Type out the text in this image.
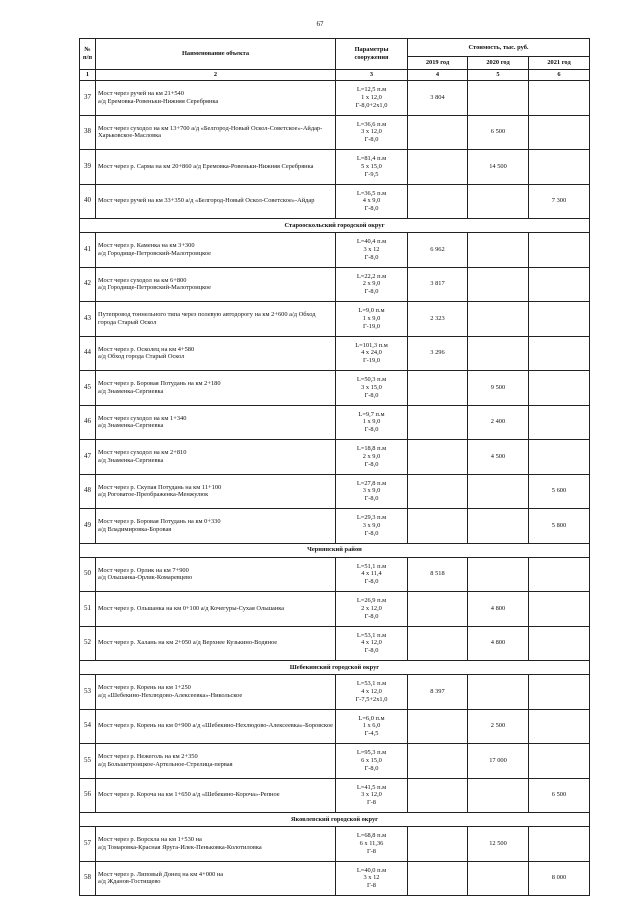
67
№ п/п	Наименование объекта	Параметры сооружения	Стоимость, тыс. руб.		
			2019 год	2020 год	2021 год
1	2	3	4	5	6
37	Мост через ручей на км 21+540
а/д Еремовка-Ровеньки-Нижняя Серебрянка	L=12,5 п.м
1 х 12,0
Г-8,0+2х1,0	3 804		
38	Мост через суходол на км 13+700 а/д «Белгород-Новый Оскол-Советское»-Айдар-Харьковское-Масловка	L=36,6 п.м
3 х 12,0
Г-8,0		6 500	
39	Мост через р. Сарма на км 20+860 а/д Еремовка-Ровеньки-Нижняя Серебрянка	L=81,4 п.м
5 х 15,0
Г-9,5		14 500	
40	Мост через ручей на км 33+350 а/д «Белгород-Новый Оскол-Советское»-Айдар	L=36,5 п.м
4 х 9,0
Г-8,0			7 300
Старооскольский городской округ					
41	Мост через р. Каменка на км 3+300
а/д Городище-Петровский-Малотроицкое	L=40,4 п.м
3 х 12
Г-8,0	6 962		
42	Мост через суходол на км 6+800
а/д Городище-Петровский-Малотроицкое	L=22,2 п.м
2 х 9,0
Г-8,0	3 817		
43	Путепровод тоннельного типа через полевую автодорогу на км 2+600 а/д Обход города Старый Оскол	L=9,0 п.м
1 х 9,0
Г-19,0	2 323		
44	Мост через р. Осколец на км 4+580
а/д Обход города Старый Оскол	L=101,3 п.м
4 х 24,0
Г-19,0	3 296		
45	Мост через р. Боровая Потудань на км 2+180
а/д Знаменка-Сергиевка	L=50,3 п.м
3 х 15,0
Г-8,0		9 500	
46	Мост через суходол на км 1+340
а/д Знаменка-Сергиевка	L=9,7 п.м
1 х 9,0
Г-8,0		2 400	
47	Мост через суходол на км 2+810
а/д Знаменка-Сергиевка	L=18,8 п.м
2 х 9,0
Г-8,0		4 500	
48	Мост через р. Скупая Потудань на км 11+100
а/д Роговатое-Преображенка-Менжулюк	L=27,8 п.м
3 х 9,0
Г-8,0			5 600
49	Мост через р. Боровая Потудань на км 0+330
а/д Владимировка-Боровая	L=29,3 п.м
3 х 9,0
Г-8,0			5 800
Чернянский район					
50	Мост через р. Орлик на км 7+900
а/д Ольшанка-Орлик-Комаревцево	L=51,1 п.м
4 х 11,4
Г-8,0	8 518		
51	Мост через р. Ольшанка на км 0+100 а/д Кочегуры-Сухая Ольшанка	L=26,9 п.м
2 х 12,0
Г-8,0		4 800	
52	Мост через р. Халань на км 2+050 а/д Верхнее Кузькино-Водяное	L=53,1 п.м
4 х 12,0
Г-8,0		4 800	
Шебекинский городской округ					
53	Мост через р. Корень на км 1+250
а/д «Шебекино-Нехлюдово-Алексеевка»-Никольское	L=53,1 п.м
4 х 12,0
Г-7,5+2х1,0	8 397		
54	Мост через р. Корень на км 0+900 а/д «Шебекино-Нехлюдово-Алексеевка»-Боровское	L=6,0 п.м
1 х 6,0
Г-4,5		2 500	
55	Мост через р. Нежеголь на км 2+350
а/д Большетроицкое-Артельное-Стрелица-первая	L=95,3 п.м
6 х 15,0
Г-8,0		17 000	
56	Мост через р. Короча на км 1+650 а/д «Шебекино-Короча»-Репное	L=41,5 п.м
3 х 12,0
Г-8			6 500
Яковлевский городской округ					
57	Мост через р. Ворскла на км 1+530 на
а/д Томаровка-Красная Яруга-Илек-Пеньковка-Колотиловка	L=68,8 п.м
6 х 11,36
Г-8		12 500	
58	Мост через р. Липовый Донец на км 4+000 на
а/д Жданов-Гостищево	L=40,0 п.м
3 х 12
Г-8			8 000
